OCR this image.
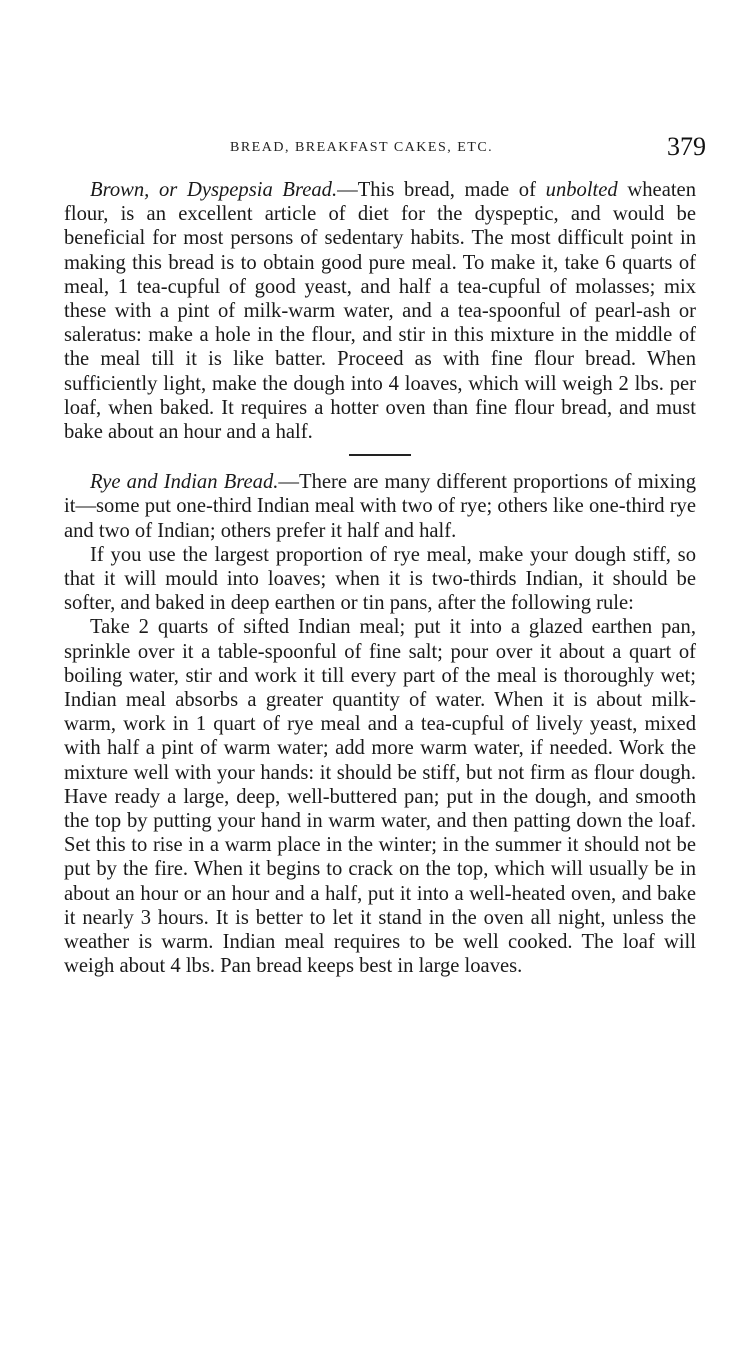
BREAD, BREAKFAST CAKES, ETC.	379

Brown, or Dyspepsia Bread.—This bread, made of unbolted wheaten flour, is an excellent article of diet for the dyspeptic, and would be beneficial for most persons of sedentary habits. The most difficult point in making this bread is to obtain good pure meal. To make it, take 6 quarts of meal, 1 tea-cupful of good yeast, and half a tea-cupful of molasses; mix these with a pint of milk-warm water, and a tea-spoonful of pearl-ash or saleratus: make a hole in the flour, and stir in this mixture in the middle of the meal till it is like batter. Proceed as with fine flour bread. When sufficiently light, make the dough into 4 loaves, which will weigh 2 lbs. per loaf, when baked. It requires a hotter oven than fine flour bread, and must bake about an hour and a half.

Rye and Indian Bread.—There are many different proportions of mixing it—some put one-third Indian meal with two of rye; others like one-third rye and two of Indian; others prefer it half and half.

If you use the largest proportion of rye meal, make your dough stiff, so that it will mould into loaves; when it is two-thirds Indian, it should be softer, and baked in deep earthen or tin pans, after the following rule:

Take 2 quarts of sifted Indian meal; put it into a glazed earthen pan, sprinkle over it a table-spoonful of fine salt; pour over it about a quart of boiling water, stir and work it till every part of the meal is thoroughly wet; Indian meal absorbs a greater quantity of water. When it is about milk-warm, work in 1 quart of rye meal and a tea-cupful of lively yeast, mixed with half a pint of warm water; add more warm water, if needed. Work the mixture well with your hands: it should be stiff, but not firm as flour dough. Have ready a large, deep, well-buttered pan; put in the dough, and smooth the top by putting your hand in warm water, and then patting down the loaf. Set this to rise in a warm place in the winter; in the summer it should not be put by the fire. When it begins to crack on the top, which will usually be in about an hour or an hour and a half, put it into a well-heated oven, and bake it nearly 3 hours. It is better to let it stand in the oven all night, unless the weather is warm. Indian meal requires to be well cooked. The loaf will weigh about 4 lbs. Pan bread keeps best in large loaves.
